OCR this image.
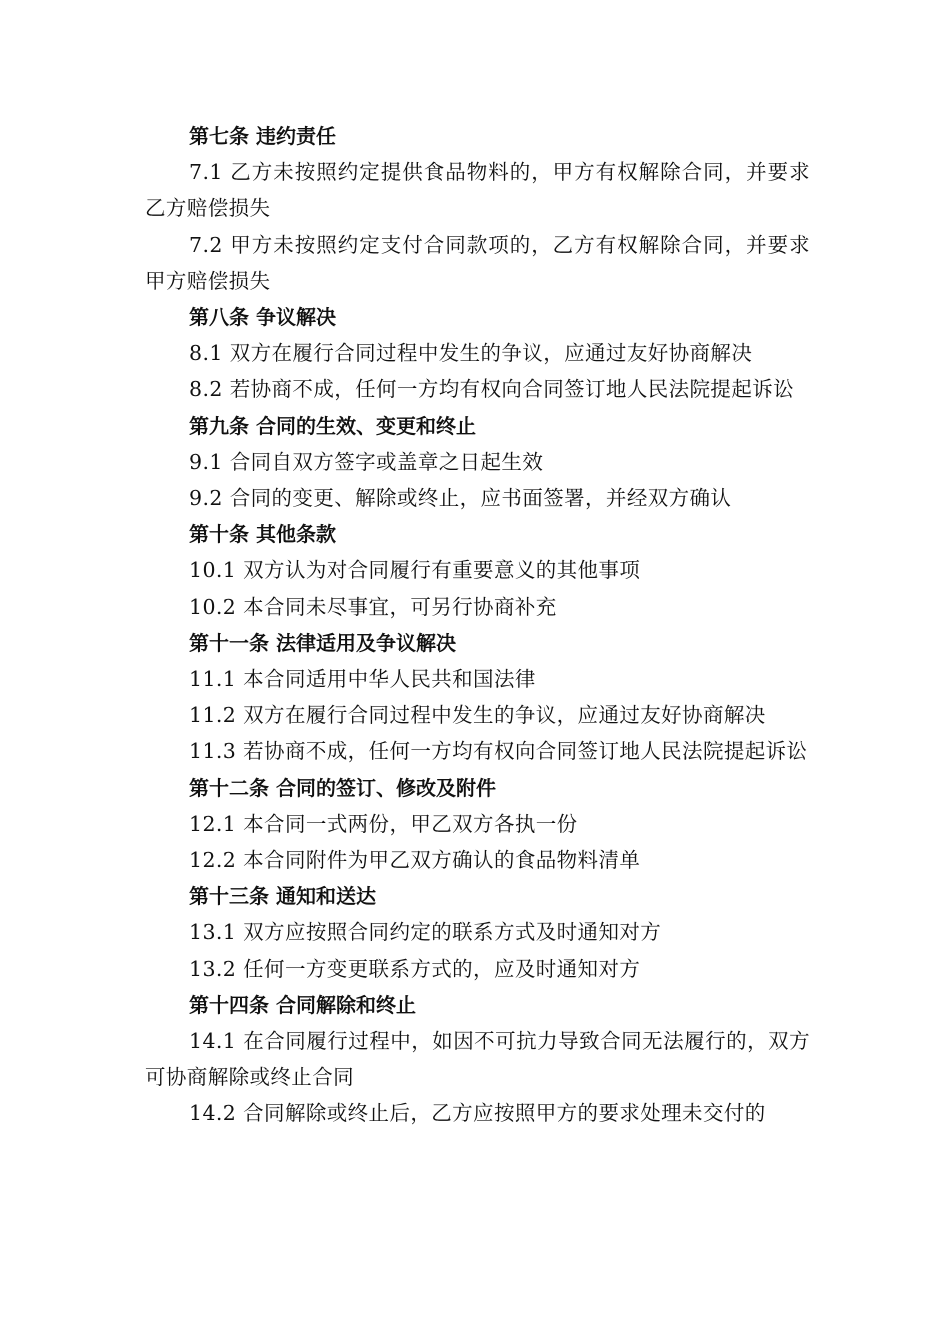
第七条 违约责任
7.1 乙方未按照约定提供食品物料的，甲方有权解除合同，并要求乙方赔偿损失
7.2 甲方未按照约定支付合同款项的，乙方有权解除合同，并要求甲方赔偿损失
第八条 争议解决
8.1 双方在履行合同过程中发生的争议，应通过友好协商解决
8.2 若协商不成，任何一方均有权向合同签订地人民法院提起诉讼
第九条 合同的生效、变更和终止
9.1 合同自双方签字或盖章之日起生效
9.2 合同的变更、解除或终止，应书面签署，并经双方确认
第十条 其他条款
10.1 双方认为对合同履行有重要意义的其他事项
10.2 本合同未尽事宜，可另行协商补充
第十一条 法律适用及争议解决
11.1 本合同适用中华人民共和国法律
11.2 双方在履行合同过程中发生的争议，应通过友好协商解决
11.3 若协商不成，任何一方均有权向合同签订地人民法院提起诉讼
第十二条 合同的签订、修改及附件
12.1 本合同一式两份，甲乙双方各执一份
12.2 本合同附件为甲乙双方确认的食品物料清单
第十三条 通知和送达
13.1 双方应按照合同约定的联系方式及时通知对方
13.2 任何一方变更联系方式的，应及时通知对方
第十四条 合同解除和终止
14.1 在合同履行过程中，如因不可抗力导致合同无法履行的，双方可协商解除或终止合同
14.2 合同解除或终止后，乙方应按照甲方的要求处理未交付的
